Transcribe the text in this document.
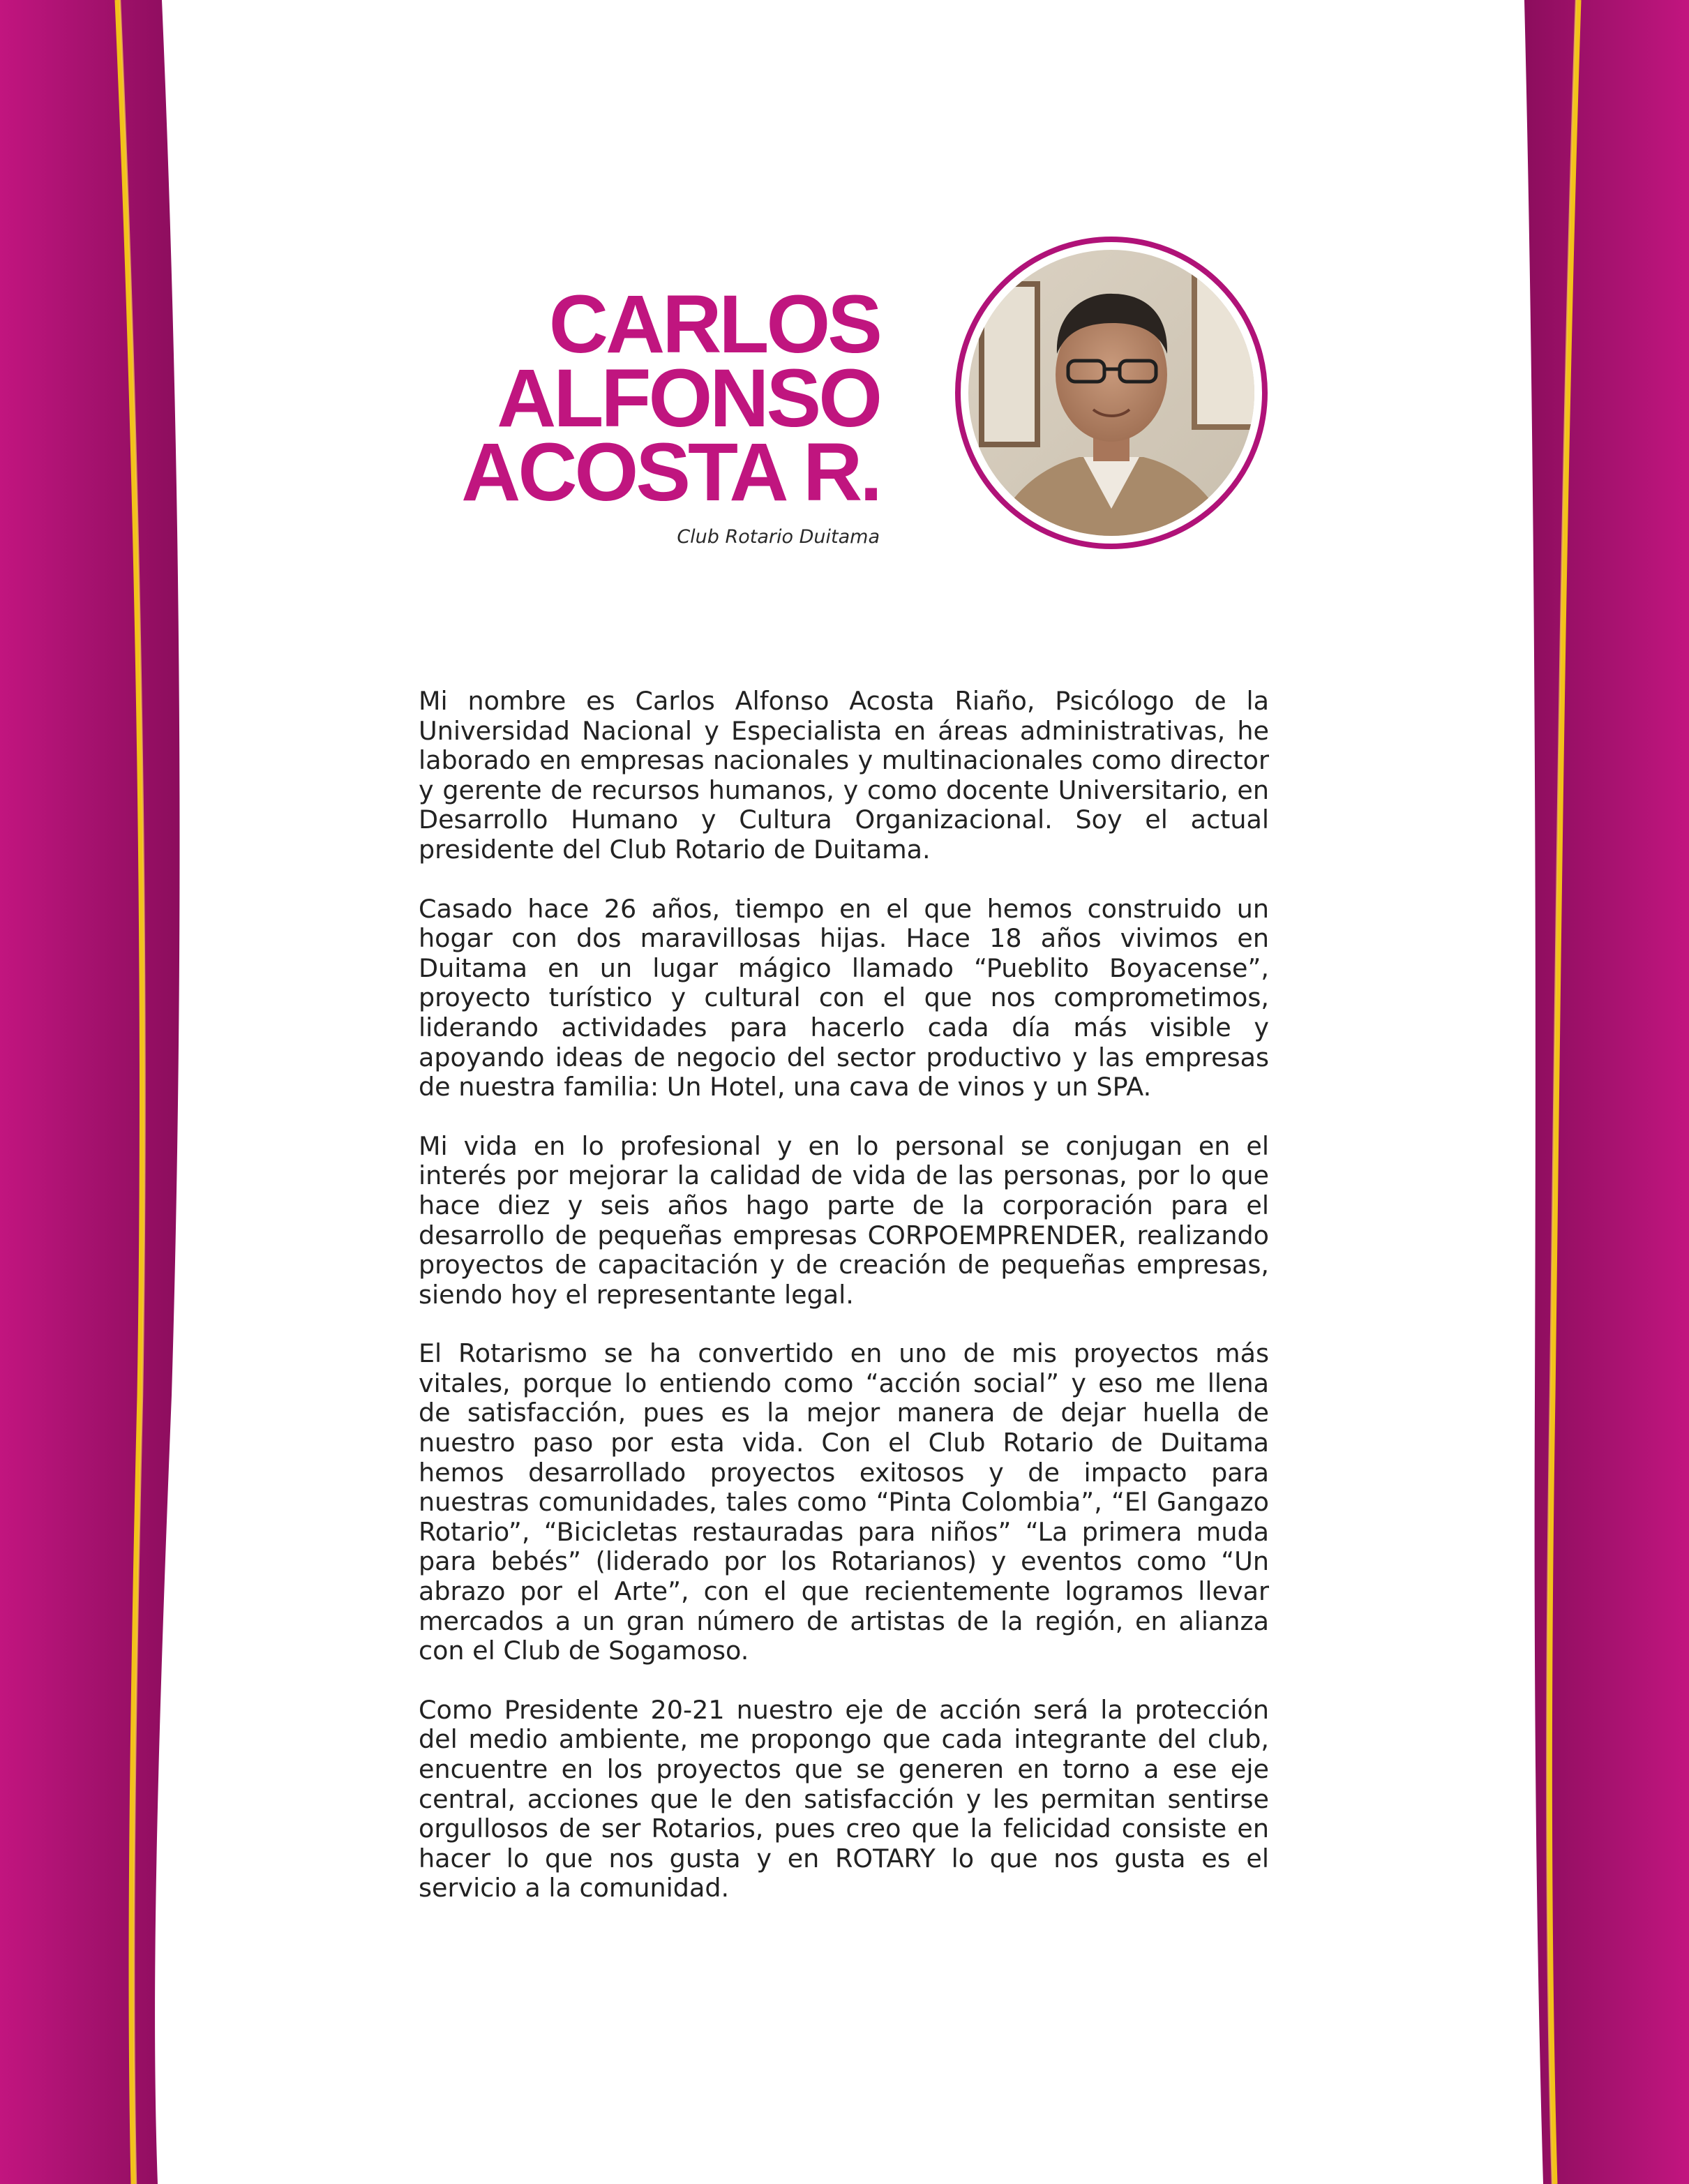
CARLOS
ALFONSO
ACOSTA R.
Club Rotario Duitama

Mi nombre es Carlos Alfonso Acosta Riaño, Psicólogo de la Universidad Nacional y Especialista en áreas administrativas, he laborado en empresas nacionales y multinacionales como director y gerente de recursos humanos, y como docente Universitario, en Desarrollo Humano y Cultura Organizacional. Soy el actual presidente del Club Rotario de Duitama.

Casado hace 26 años, tiempo en el que hemos construido un hogar con dos maravillosas hijas. Hace 18 años vivimos en Duitama en un lugar mágico llamado “Pueblito Boyacense”, proyecto turístico y cultural con el que nos comprometimos, liderando actividades para hacerlo cada día más visible y apoyando ideas de negocio del sector productivo y las empresas de nuestra familia: Un Hotel, una cava de vinos y un SPA.

Mi vida en lo profesional y en lo personal se conjugan en el interés por mejorar la calidad de vida de las personas, por lo que hace diez y seis años hago parte de la corporación para el desarrollo de pequeñas empresas CORPOEMPRENDER, realizando proyectos de capacitación y de creación de pequeñas empresas, siendo hoy el representante legal.

El Rotarismo se ha convertido en uno de mis proyectos más vitales, porque lo entiendo como “acción social” y eso me llena de satisfacción, pues es la mejor manera de dejar huella de nuestro paso por esta vida. Con el Club Rotario de Duitama hemos desarrollado proyectos exitosos y de impacto para nuestras comunidades, tales como “Pinta Colombia”, “El Gangazo Rotario”, “Bicicletas restauradas para niños” “La primera muda para bebés” (liderado por los Rotarianos) y eventos como “Un abrazo por el Arte”, con el que recientemente logramos llevar mercados a un gran número de artistas de la región, en alianza con el Club de Sogamoso.

Como Presidente 20-21 nuestro eje de acción será la protección del medio ambiente, me propongo que cada integrante del club, encuentre en los proyectos que se generen en torno a ese eje central, acciones que le den satisfacción y les permitan sentirse orgullosos de ser Rotarios, pues creo que la felicidad consiste en hacer lo que nos gusta y en ROTARY lo que nos gusta es el servicio a la comunidad.
